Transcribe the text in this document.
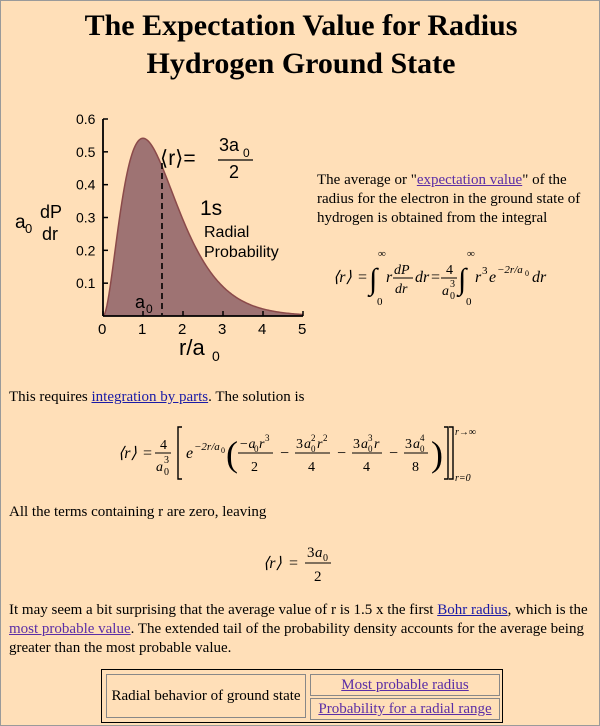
The Expectation Value for Radius
Hydrogen Ground State
0.6
0.5
0.4
0.3
0.2
0.1
0 1 2 3 4 5
a 0
dP
dr
r/a 0
a 0
⟨r⟩=
3a 0
2
1s
Radial
Probability
The average or "expectation value" of the radius for the electron in the ground state of hydrogen is obtained from the integral
⟨r⟩ = ∫
∞
0
r dP
dr
dr = 4
a 3
0
∫
∞
0
r 3 e −2r/a 0 dr
This requires integration by parts. The solution is
⟨r⟩ = 4
a 3
0
e −2r/a 0 ( −a
0 r 3
2
−
3 a 2
0 r 2
4
−
3 a 3
0 r
4
−
3 a 4
0
8 )
r→∞
r=0
All the terms containing r are zero, leaving
⟨r⟩ =
3 a 0
2
It may seem a bit surprising that the average value of r is 1.5 x the first Bohr radius, which is the most probable value. The extended tail of the probability density accounts for the average being greater than the most probable value.
Radial behavior of ground state
Most probable radius
Probability for a radial range
